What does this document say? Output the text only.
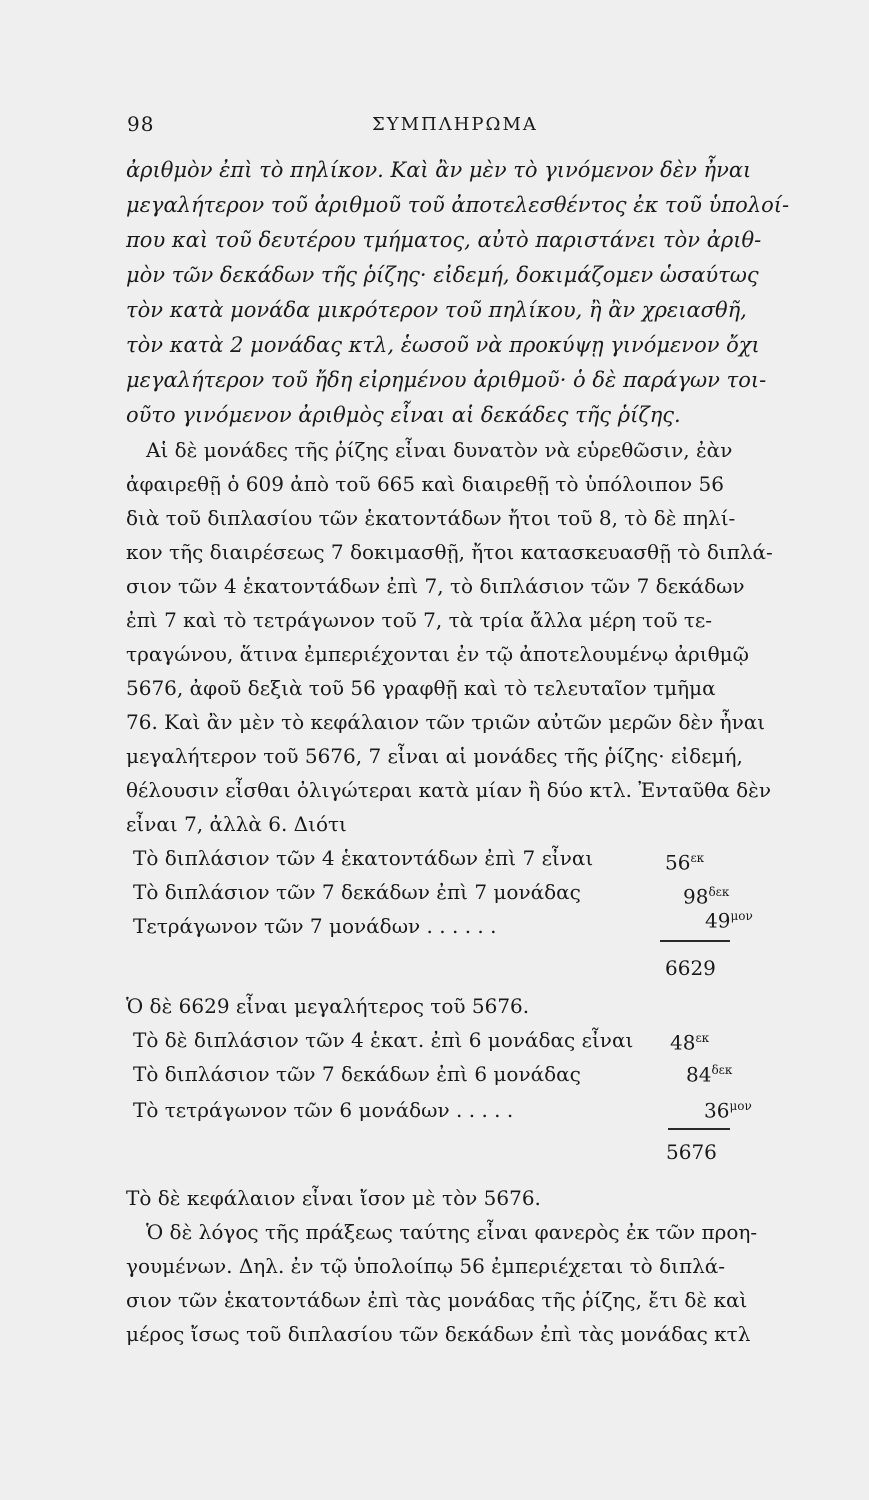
98	ΣΥΜΠΛΗΡΩΜΑ
ἀριθμὸν ἐπὶ τὸ πηλίκον. Καὶ ἂν μὲν τὸ γινόμενον δὲν ἦναι
μεγαλήτερον τοῦ ἀριθμοῦ τοῦ ἀποτελεσθέντος ἐκ τοῦ ὑπολοί-
που καὶ τοῦ δευτέρου τμήματος, αὐτὸ παριστάνει τὸν ἀριθ-
μὸν τῶν δεκάδων τῆς ῥίζης· εἰδεμή, δοκιμάζομεν ὡσαύτως
τὸν κατὰ μονάδα μικρότερον τοῦ πηλίκου, ἢ ἂν χρειασθῆ,
τὸν κατὰ 2 μονάδας κτλ, ἑωσοῦ νὰ προκύψῃ γινόμενον ὄχι
μεγαλήτερον τοῦ ἤδη εἰρημένου ἀριθμοῦ· ὁ δὲ παράγων τοι-
οῦτο γινόμενον ἀριθμὸς εἶναι αἱ δεκάδες τῆς ῥίζης.
Αἱ δὲ μονάδες τῆς ῥίζης εἶναι δυνατὸν νὰ εὑρεθῶσιν, ἐὰν
ἀφαιρεθῇ ὁ 609 ἀπὸ τοῦ 665 καὶ διαιρεθῇ τὸ ὑπόλοιπον 56
διὰ τοῦ διπλασίου τῶν ἑκατοντάδων ἤτοι τοῦ 8, τὸ δὲ πηλί-
κον τῆς διαιρέσεως 7 δοκιμασθῇ, ἤτοι κατασκευασθῇ τὸ διπλά-
σιον τῶν 4 ἑκατοντάδων ἐπὶ 7, τὸ διπλάσιον τῶν 7 δεκάδων
ἐπὶ 7 καὶ τὸ τετράγωνον τοῦ 7, τὰ τρία ἄλλα μέρη τοῦ τε-
τραγώνου, ἅτινα ἐμπεριέχονται ἐν τῷ ἀποτελουμένῳ ἀριθμῷ
5676, ἀφοῦ δεξιὰ τοῦ 56 γραφθῇ καὶ τὸ τελευταῖον τμῆμα
76. Καὶ ἂν μὲν τὸ κεφάλαιον τῶν τριῶν αὐτῶν μερῶν δὲν ἦναι
μεγαλήτερον τοῦ 5676, 7 εἶναι αἱ μονάδες τῆς ῥίζης· εἰδεμή,
θέλουσιν εἶσθαι ὀλιγώτεραι κατὰ μίαν ἢ δύο κτλ. Ἐνταῦθα δὲν
εἶναι 7, ἀλλὰ 6. Διότι
Τὸ διπλάσιον τῶν 4 ἑκατοντάδων ἐπὶ 7 εἶναι	$56^{\varepsilon\kappa}$
Τὸ διπλάσιον τῶν 7 δεκάδων ἐπὶ 7 μονάδας	$98^{\delta\varepsilon\kappa}$
Τετράγωνον τῶν 7 μονάδων . . . . . .	$49^{\mu o\nu}$
6629
Ὁ δὲ 6629 εἶναι μεγαλήτερος τοῦ 5676.
Τὸ δὲ διπλάσιον τῶν 4 ἑκατ. ἐπὶ 6 μονάδας εἶναι $48^{\varepsilon\kappa}$
Τὸ διπλάσιον τῶν 7 δεκάδων ἐπὶ 6 μονάδας	$84^{\delta\varepsilon\kappa}$
Τὸ τετράγωνον τῶν 6 μονάδων . . . . .	$36^{\mu o\nu}$
5676
Τὸ δὲ κεφάλαιον εἶναι ἴσον μὲ τὸν 5676.
Ὁ δὲ λόγος τῆς πράξεως ταύτης εἶναι φανερὸς ἐκ τῶν προη-
γουμένων. Δηλ. ἐν τῷ ὑπολοίπῳ 56 ἐμπεριέχεται τὸ διπλά-
σιον τῶν ἑκατοντάδων ἐπὶ τὰς μονάδας τῆς ῥίζης, ἔτι δὲ καὶ
μέρος ἴσως τοῦ διπλασίου τῶν δεκάδων ἐπὶ τὰς μονάδας κτλ
